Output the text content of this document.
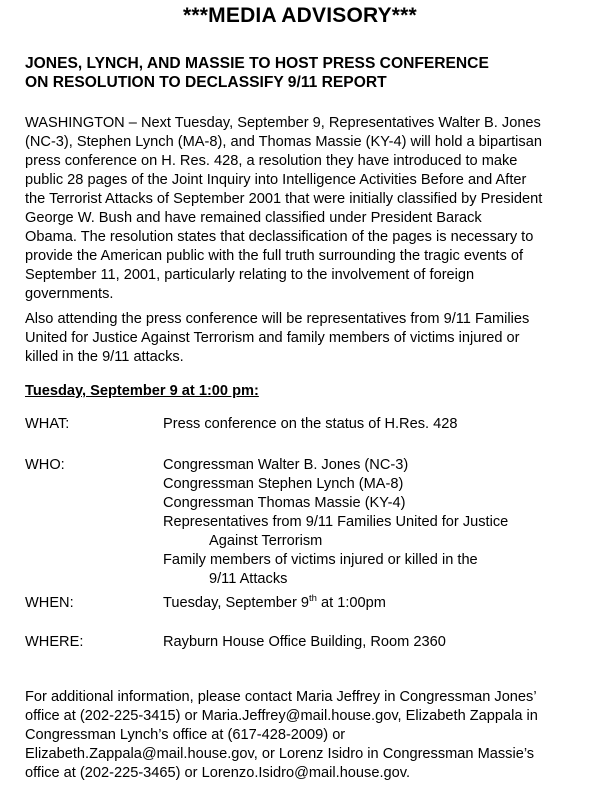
***MEDIA ADVISORY***
JONES, LYNCH, AND MASSIE TO HOST PRESS CONFERENCE
ON RESOLUTION TO DECLASSIFY 9/11 REPORT

WASHINGTON – Next Tuesday, September 9, Representatives Walter B. Jones
(NC-3), Stephen Lynch (MA-8), and Thomas Massie (KY-4) will hold a bipartisan
press conference on H. Res. 428, a resolution they have introduced to make
public 28 pages of the Joint Inquiry into Intelligence Activities Before and After
the Terrorist Attacks of September 2001 that were initially classified by President
George W. Bush and have remained classified under President Barack
Obama. The resolution states that declassification of the pages is necessary to
provide the American public with the full truth surrounding the tragic events of
September 11, 2001, particularly relating to the involvement of foreign
governments.

Also attending the press conference will be representatives from 9/11 Families
United for Justice Against Terrorism and family members of victims injured or
killed in the 9/11 attacks.

Tuesday, September 9 at 1:00 pm:
WHAT:	Press conference on the status of H.Res. 428
WHO:	Congressman Walter B. Jones (NC-3)
Congressman Stephen Lynch (MA-8)
Congressman Thomas Massie (KY-4)
Representatives from 9/11 Families United for Justice
Against Terrorism
Family members of victims injured or killed in the
9/11 Attacks
WHEN:	Tuesday, September 9th at 1:00pm
WHERE:	Rayburn House Office Building, Room 2360

For additional information, please contact Maria Jeffrey in Congressman Jones’
office at (202-225-3415) or Maria.Jeffrey@mail.house.gov, Elizabeth Zappala in
Congressman Lynch’s office at (617-428-2009) or
Elizabeth.Zappala@mail.house.gov, or Lorenz Isidro in Congressman Massie’s
office at (202-225-3465) or Lorenzo.Isidro@mail.house.gov.
